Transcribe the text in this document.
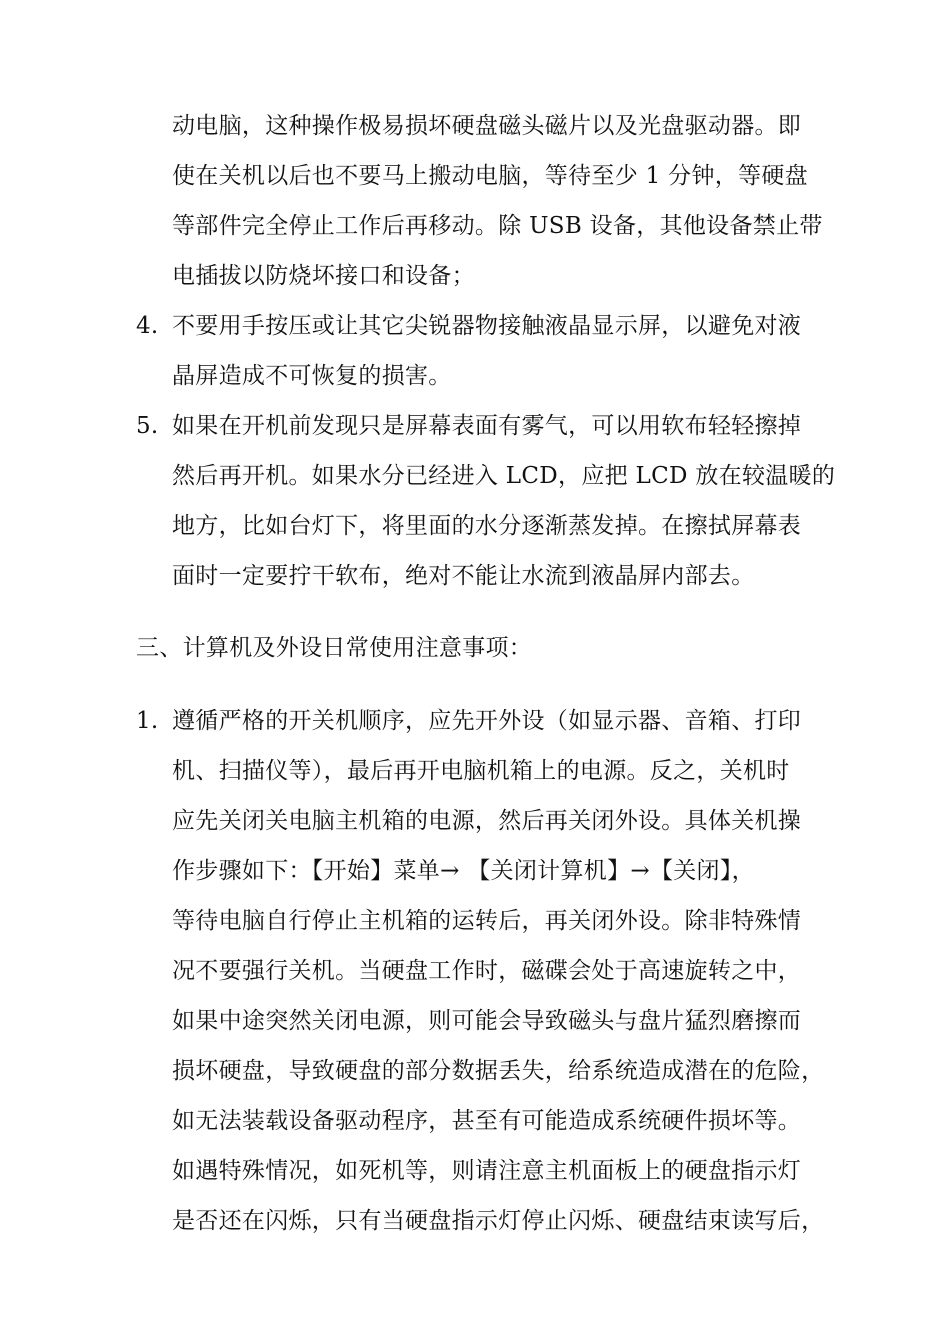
动电脑，这种操作极易损坏硬盘磁头磁片以及光盘驱动器。即
使在关机以后也不要马上搬动电脑，等待至少 1 分钟，等硬盘
等部件完全停止工作后再移动。除 USB 设备，其他设备禁止带
电插拔以防烧坏接口和设备；
4. 不要用手按压或让其它尖锐器物接触液晶显示屏，以避免对液
晶屏造成不可恢复的损害。
5. 如果在开机前发现只是屏幕表面有雾气，可以用软布轻轻擦掉
然后再开机。如果水分已经进入 LCD，应把 LCD 放在较温暖的
地方，比如台灯下，将里面的水分逐渐蒸发掉。在擦拭屏幕表
面时一定要拧干软布，绝对不能让水流到液晶屏内部去。
三、计算机及外设日常使用注意事项：
1. 遵循严格的开关机顺序，应先开外设（如显示器、音箱、打印
机、扫描仪等），最后再开电脑机箱上的电源。反之，关机时
应先关闭关电脑主机箱的电源，然后再关闭外设。具体关机操
作步骤如下：【开始】菜单→ 【关闭计算机】→【关闭】，
等待电脑自行停止主机箱的运转后，再关闭外设。除非特殊情
况不要强行关机。当硬盘工作时，磁碟会处于高速旋转之中，
如果中途突然关闭电源，则可能会导致磁头与盘片猛烈磨擦而
损坏硬盘，导致硬盘的部分数据丢失，给系统造成潜在的危险，
如无法装载设备驱动程序，甚至有可能造成系统硬件损坏等。
如遇特殊情况，如死机等，则请注意主机面板上的硬盘指示灯
是否还在闪烁，只有当硬盘指示灯停止闪烁、硬盘结束读写后，
